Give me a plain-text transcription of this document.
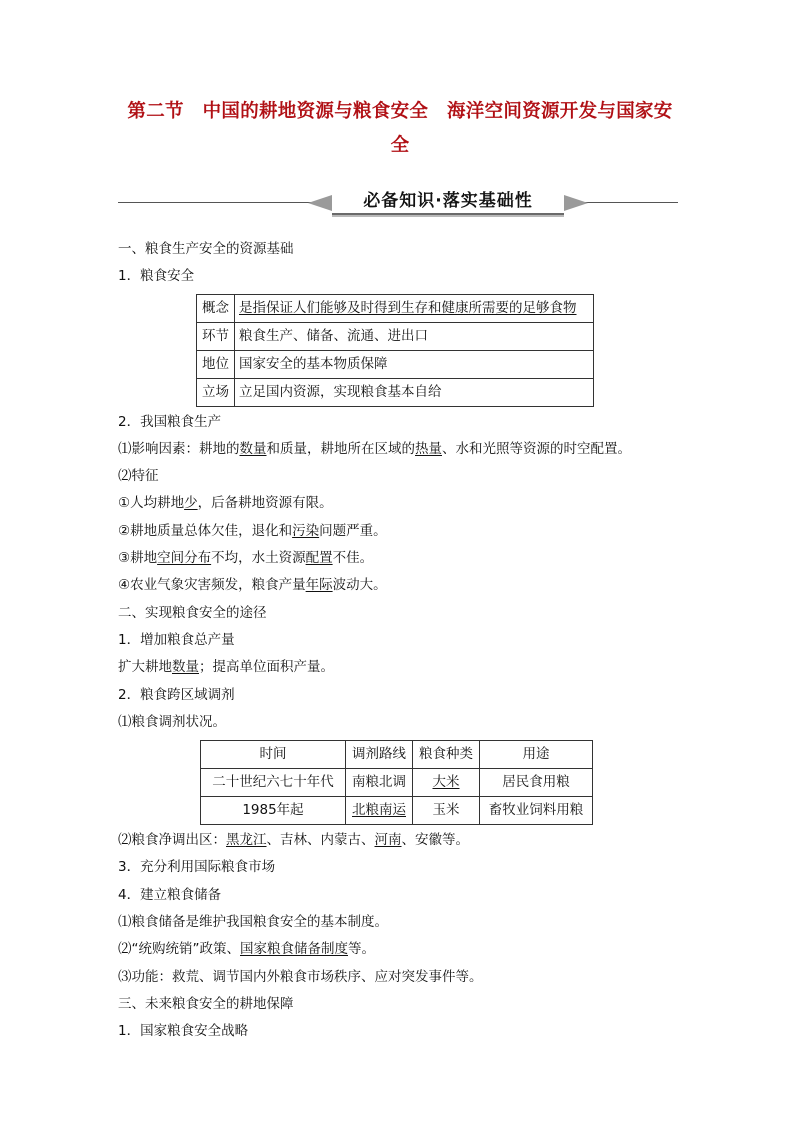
第二节　中国的耕地资源与粮食安全　海洋空间资源开发与国家安
全
必备知识·落实基础性
一、粮食生产安全的资源基础
1．粮食安全
概念	是指保证人们能够及时得到生存和健康所需要的足够食物
环节	粮食生产、储备、流通、进出口
地位	国家安全的基本物质保障
立场	立足国内资源，实现粮食基本自给
2．我国粮食生产
⑴影响因素：耕地的数量和质量，耕地所在区域的热量、水和光照等资源的时空配置。
⑵特征
①人均耕地少，后备耕地资源有限。
②耕地质量总体欠佳，退化和污染问题严重。
③耕地空间分布不均，水土资源配置不佳。
④农业气象灾害频发，粮食产量年际波动大。
二、实现粮食安全的途径
1．增加粮食总产量
扩大耕地数量；提高单位面积产量。
2．粮食跨区域调剂
⑴粮食调剂状况。
时间	调剂路线	粮食种类	用途
二十世纪六七十年代	南粮北调	大米	居民食用粮
1985年起	北粮南运	玉米	畜牧业饲料用粮
⑵粮食净调出区：黑龙江、吉林、内蒙古、河南、安徽等。
3．充分利用国际粮食市场
4．建立粮食储备
⑴粮食储备是维护我国粮食安全的基本制度。
⑵“统购统销”政策、国家粮食储备制度等。
⑶功能：救荒、调节国内外粮食市场秩序、应对突发事件等。
三、未来粮食安全的耕地保障
1．国家粮食安全战略
